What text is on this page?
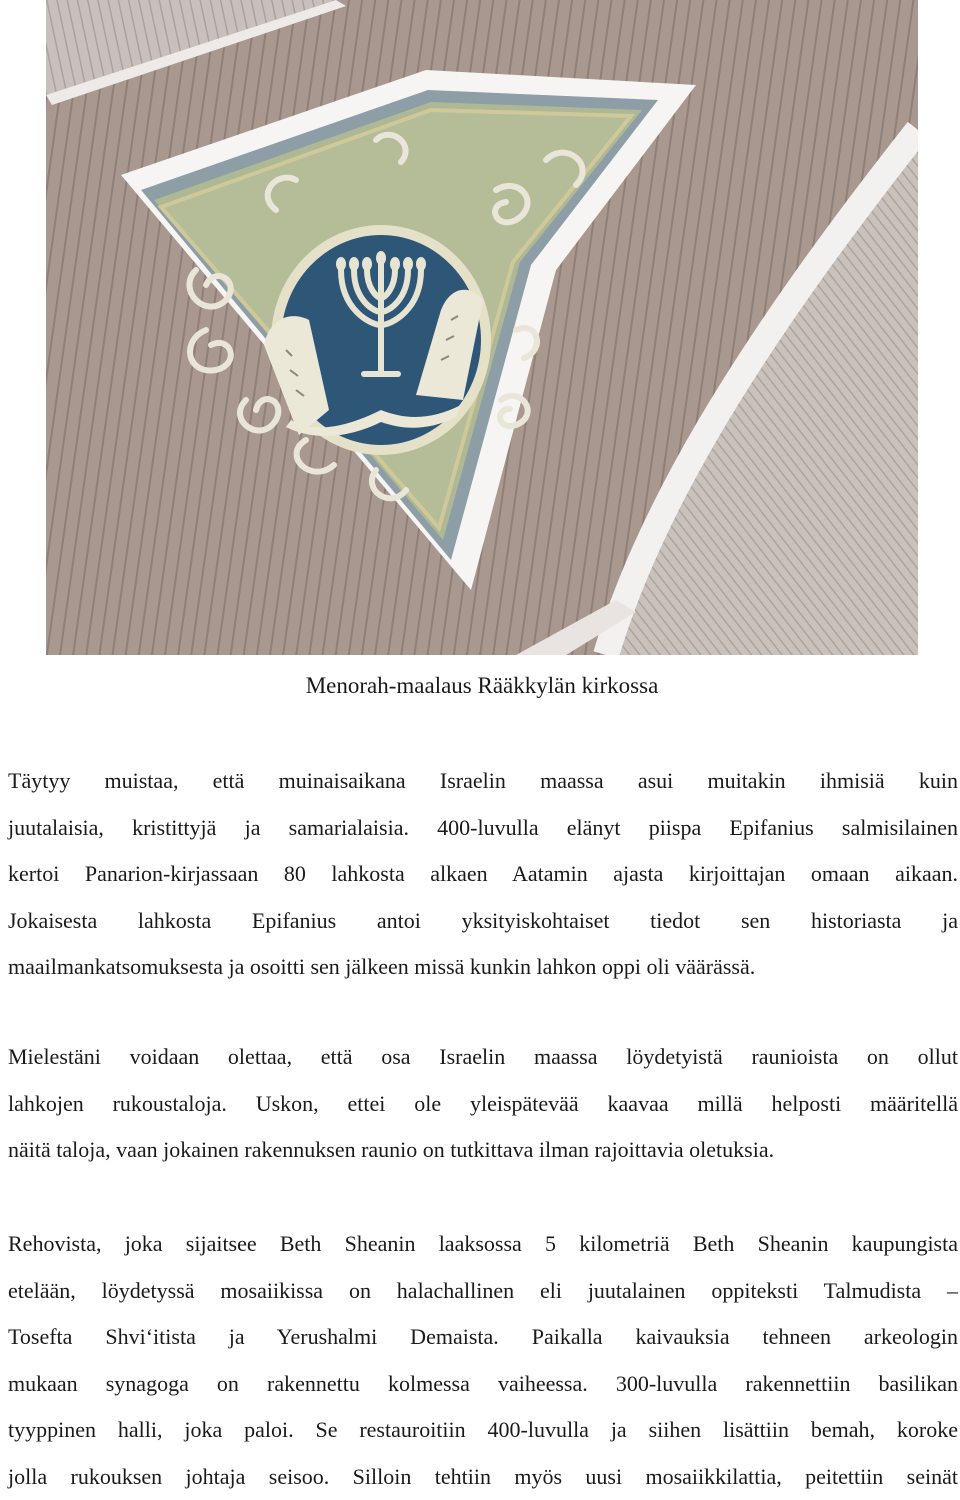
Menorah-maalaus Rääkkylän kirkossa
Täytyy muistaa, että muinaisaikana Israelin maassa asui muitakin ihmisiä kuin
juutalaisia, kristittyjä ja samarialaisia. 400-luvulla elänyt piispa Epifanius salmisilainen
kertoi Panarion-kirjassaan 80 lahkosta alkaen Aatamin ajasta kirjoittajan omaan aikaan.
Jokaisesta lahkosta Epifanius antoi yksityiskohtaiset tiedot sen historiasta ja
maailmankatsomuksesta ja osoitti sen jälkeen missä kunkin lahkon oppi oli väärässä.
Mielestäni voidaan olettaa, että osa Israelin maassa löydetyistä raunioista on ollut
lahkojen rukoustaloja. Uskon, ettei ole yleispätevää kaavaa millä helposti määritellä
näitä taloja, vaan jokainen rakennuksen raunio on tutkittava ilman rajoittavia oletuksia.
Rehovista, joka sijaitsee Beth Sheanin laaksossa 5 kilometriä Beth Sheanin kaupungista
etelään, löydetyssä mosaiikissa on halachallinen eli juutalainen oppiteksti Talmudista –
Tosefta Shvi‘itista ja Yerushalmi Demaista. Paikalla kaivauksia tehneen arkeologin
mukaan synagoga on rakennettu kolmessa vaiheessa. 300-luvulla rakennettiin basilikan
tyyppinen halli, joka paloi. Se restauroitiin 400-luvulla ja siihen lisättiin bemah, koroke
jolla rukouksen johtaja seisoo. Silloin tehtiin myös uusi mosaiikkilattia, peitettiin seinät
